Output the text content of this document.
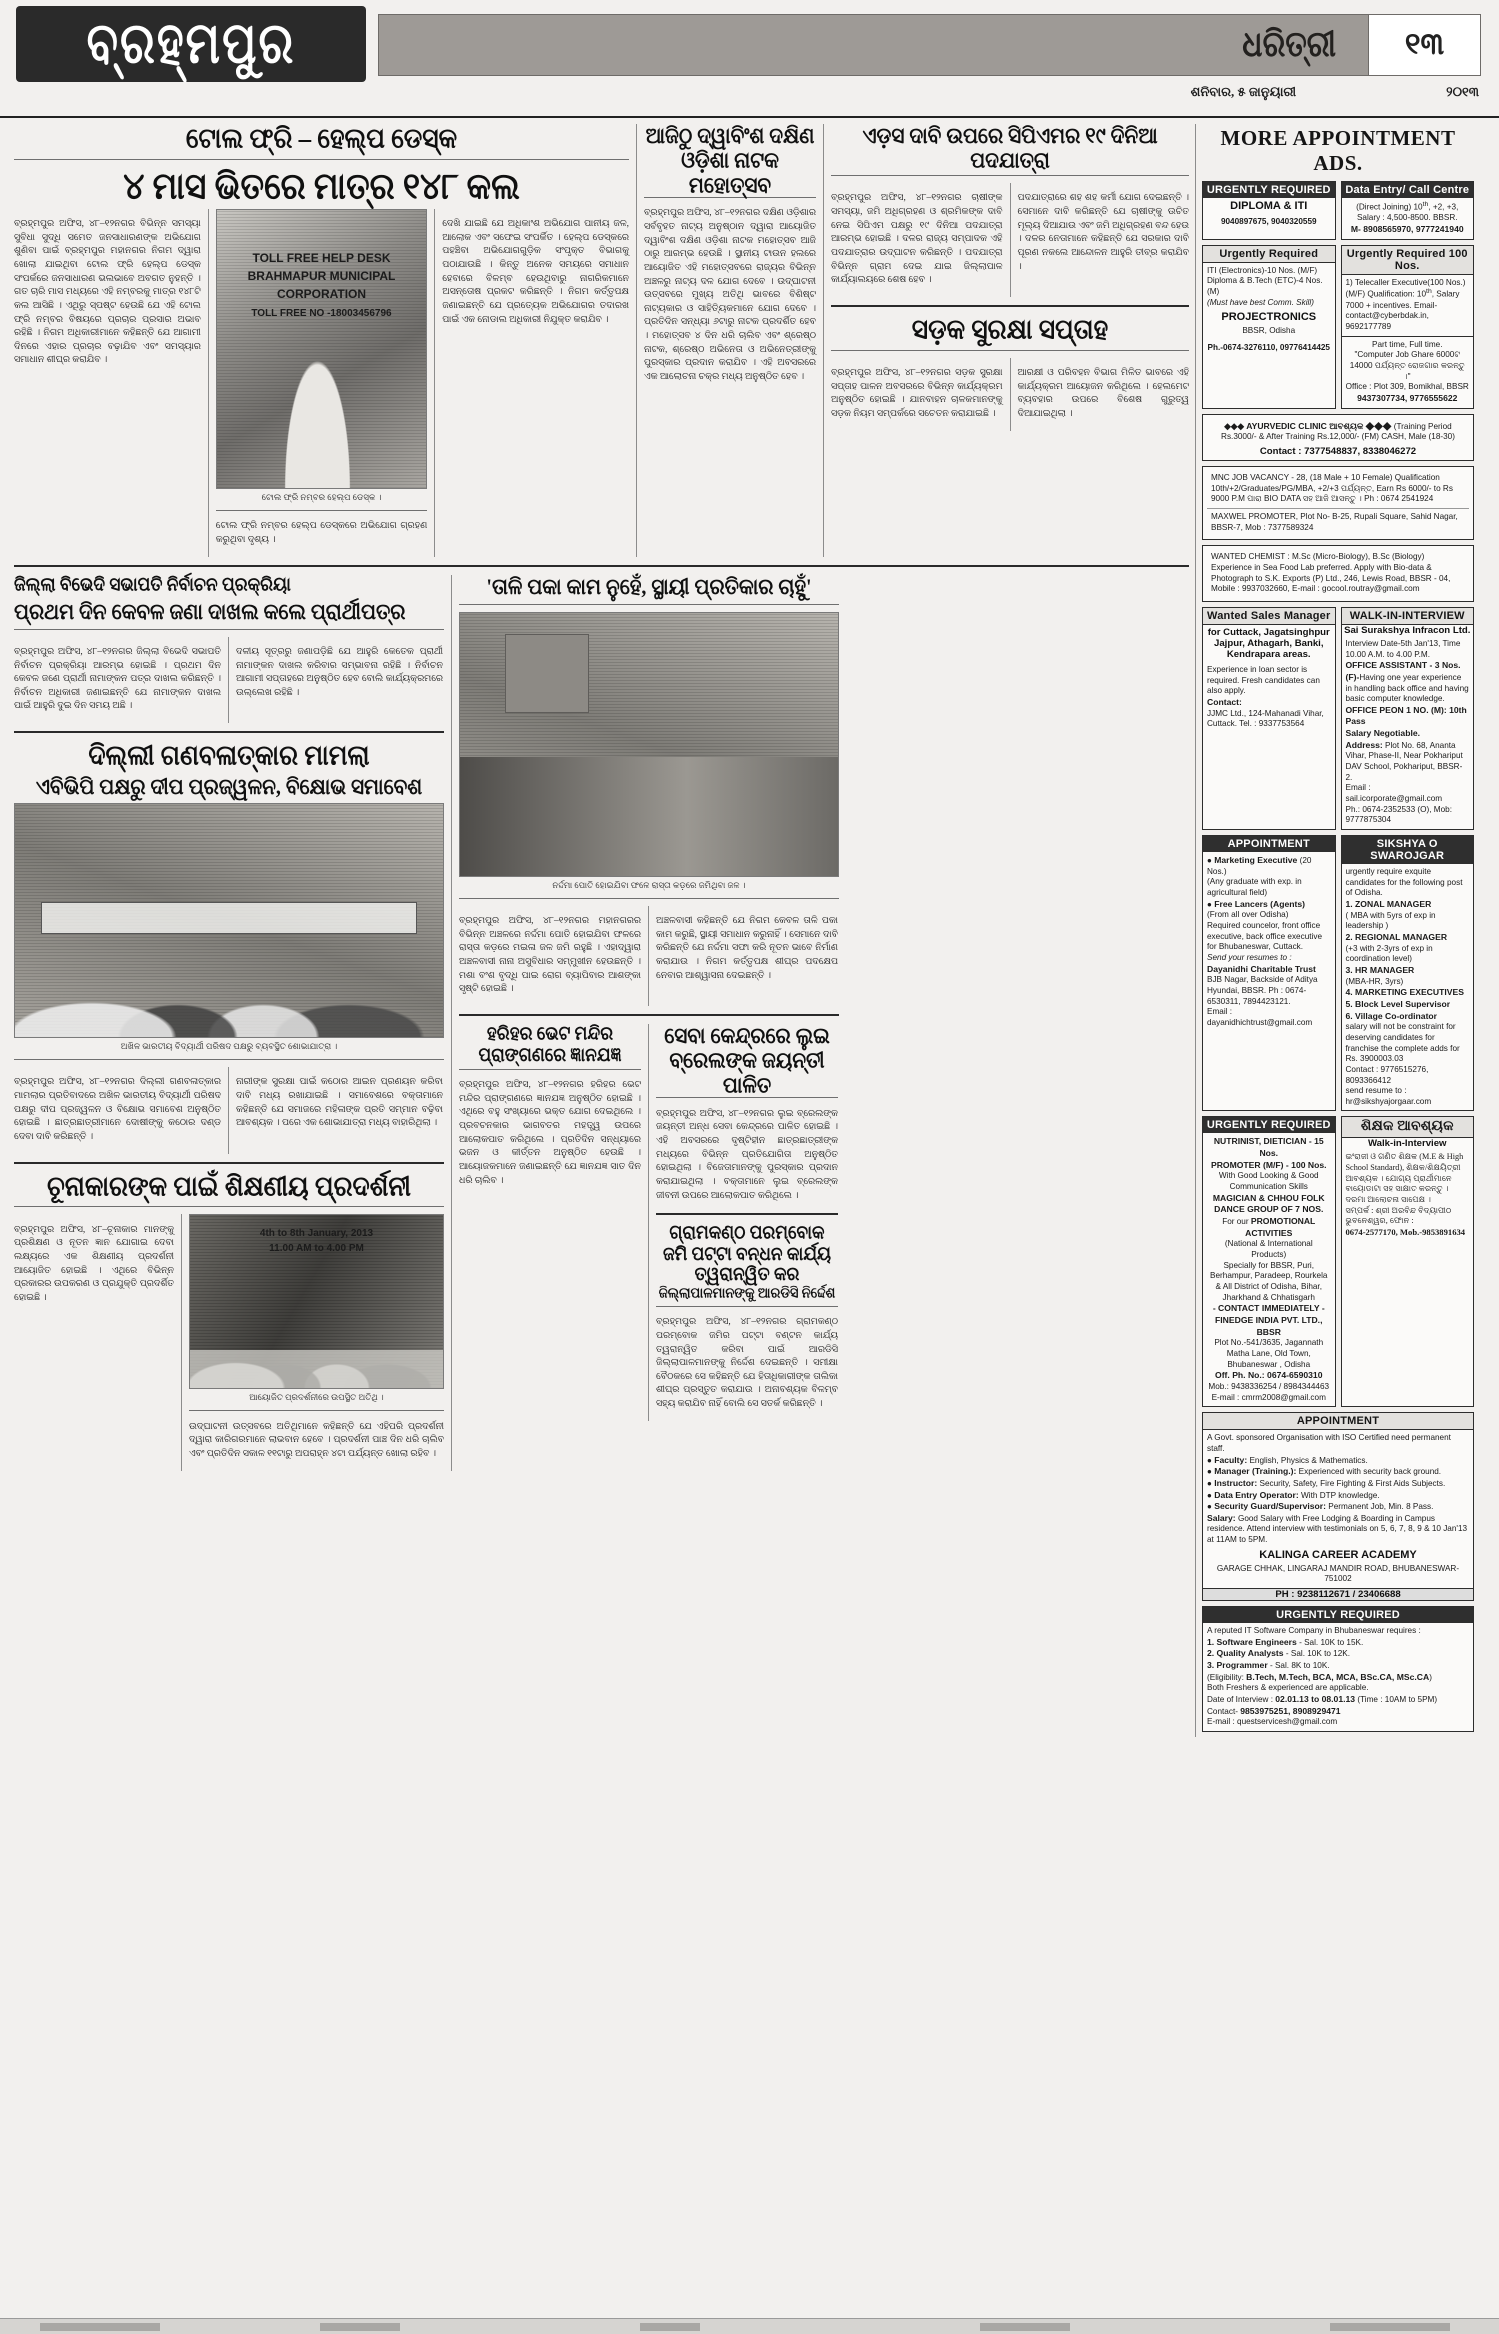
ବ୍ରହ୍ମପୁର	ଧରିତ୍ରୀ	୧୩
ଶନିବାର, ୫ ଜାନୁୟାରୀ	୨୦୧୩
ଟୋଲ ଫ୍ରି – ହେଲ୍ପ ଡେସ୍କ
୪ ମାସ ଭିତରେ ମାତ୍ର ୧୪୮ କଲ

ବ୍ରହ୍ମପୁର ଅଫିସ, ୪୮–୧୨ନଗର ବିଭିନ୍ନ ସମସ୍ୟା ସୁବିଧା ସୁଦ୍ଧି ସମେତ ଜନସାଧାରଣଙ୍କ ଅଭିଯୋଗ ଶୁଣିବା ପାଇଁ ବ୍ରହ୍ମପୁର ମହାନଗର ନିଗମ ଦ୍ୱାରା ଖୋଲା ଯାଇଥିବା ଟୋଲ ଫ୍ରି ହେଲ୍ପ ଡେସ୍କ ସଂପର୍କରେ ଜନସାଧାରଣ ଭଲଭାବେ ଅବଗତ ନୁହନ୍ତି । ଗତ ଚାରି ମାସ ମଧ୍ୟରେ ଏହି ନମ୍ବରକୁ ମାତ୍ର ୧୪୮ଟି କଲ ଆସିଛି । ଏଥିରୁ ସ୍ପଷ୍ଟ ହେଉଛି ଯେ ଏହି ଟୋଲ ଫ୍ରି ନମ୍ବର ବିଷୟରେ ପ୍ରଚାର ପ୍ରସାର ଅଭାବ ରହିଛି । ନିଗମ ଅଧିକାରୀମାନେ କହିଛନ୍ତି ଯେ ଆଗାମୀ ଦିନରେ ଏହାର ପ୍ରଚାର ବଢ଼ାଯିବ ଏବଂ ସମସ୍ୟାର ସମାଧାନ ଶୀଘ୍ର କରାଯିବ ।

TOLL FREE HELP DESK
BRAHMAPUR MUNICIPAL CORPORATION
TOLL FREE NO -18003456796
ଟୋଲ ଫ୍ରି ନମ୍ବର ହେଲ୍ପ ଡେସ୍କ ।

ଟୋଲ ଫ୍ରି ନମ୍ବର ହେଲ୍ପ ଡେସ୍କରେ ଅଭିଯୋଗ ଗ୍ରହଣ କରୁଥିବା ଦୃଶ୍ୟ ।

ଦେଖି ଯାଇଛି ଯେ ଅଧିକାଂଶ ଅଭିଯୋଗ ପାନୀୟ ଜଳ, ଆଲୋକ ଏବଂ ସଫେଇ ସଂପର୍କିତ । ହେଲ୍ପ ଡେସ୍କରେ ପହଞ୍ଚିବା ଅଭିଯୋଗଗୁଡ଼ିକ ସଂପୃକ୍ତ ବିଭାଗକୁ ପଠାଯାଉଛି । କିନ୍ତୁ ଅନେକ ସମୟରେ ସମାଧାନ ହେବାରେ ବିଳମ୍ବ ହେଉଥିବାରୁ ନାଗରିକମାନେ ଅସନ୍ତୋଷ ପ୍ରକଟ କରିଛନ୍ତି । ନିଗମ କର୍ତ୍ତୃପକ୍ଷ ଜଣାଇଛନ୍ତି ଯେ ପ୍ରତ୍ୟେକ ଅଭିଯୋଗର ତଦାରଖ ପାଇଁ ଏକ ନୋଡାଲ ଅଧିକାରୀ ନିଯୁକ୍ତ କରାଯିବ ।

ଆଜିଠୁ ଦ୍ୱାବିଂଶ ଦକ୍ଷିଣ ଓଡ଼ିଶା ନାଟକ ମହୋତ୍ସବ

ବ୍ରହ୍ମପୁର ଅଫିସ, ୪୮–୧୨ନଗର ଦକ୍ଷିଣ ଓଡ଼ିଶାର ସର୍ବବୃହତ ନାଟ୍ୟ ଅନୁଷ୍ଠାନ ଦ୍ୱାରା ଆୟୋଜିତ ଦ୍ୱାବିଂଶ ଦକ୍ଷିଣ ଓଡ଼ିଶା ନାଟକ ମହୋତ୍ସବ ଆଜି ଠାରୁ ଆରମ୍ଭ ହେଉଛି । ସ୍ଥାନୀୟ ଟାଉନ ହଲରେ ଆୟୋଜିତ ଏହି ମହୋତ୍ସବରେ ରାଜ୍ୟର ବିଭିନ୍ନ ଅଞ୍ଚଳରୁ ନାଟ୍ୟ ଦଳ ଯୋଗ ଦେବେ । ଉଦ୍‌ଘାଟନୀ ଉତ୍ସବରେ ମୁଖ୍ୟ ଅତିଥି ଭାବରେ ବିଶିଷ୍ଟ ନାଟ୍ୟକାର ଓ ସାହିତ୍ୟିକମାନେ ଯୋଗ ଦେବେ । ପ୍ରତିଦିନ ସନ୍ଧ୍ୟା ୬ଟାରୁ ନାଟକ ପ୍ରଦର୍ଶିତ ହେବ । ମହୋତ୍ସବ ୪ ଦିନ ଧରି ଚାଲିବ ଏବଂ ଶ୍ରେଷ୍ଠ ନାଟକ, ଶ୍ରେଷ୍ଠ ଅଭିନେତା ଓ ଅଭିନେତ୍ରୀଙ୍କୁ ପୁରସ୍କାର ପ୍ରଦାନ କରାଯିବ । ଏହି ଅବସରରେ ଏକ ଆଲୋଚନା ଚକ୍ର ମଧ୍ୟ ଅନୁଷ୍ଠିତ ହେବ ।

ଏଡ଼ସ ଦାବି ଉପରେ ସିପିଏମର ୧୯ ଦିନିଆ ପଦଯାତ୍ରା

ବ୍ରହ୍ମପୁର ଅଫିସ, ୪୮–୧୨ନଗର ଚାଷୀଙ୍କ ସମସ୍ୟା, ଜମି ଅଧିଗ୍ରହଣ ଓ ଶ୍ରମିକଙ୍କ ଦାବି ନେଇ ସିପିଏମ ପକ୍ଷରୁ ୧୯ ଦିନିଆ ପଦଯାତ୍ରା ଆରମ୍ଭ ହୋଇଛି । ଦଳର ରାଜ୍ୟ ସମ୍ପାଦକ ଏହି ପଦଯାତ୍ରାର ଉଦ୍‌ଘାଟନ କରିଛନ୍ତି । ପଦଯାତ୍ରା ବିଭିନ୍ନ ଗ୍ରାମ ଦେଇ ଯାଇ ଜିଲ୍ଲାପାଳ କାର୍ଯ୍ୟାଲୟରେ ଶେଷ ହେବ ।

ପଦଯାତ୍ରାରେ ଶହ ଶହ କର୍ମୀ ଯୋଗ ଦେଇଛନ୍ତି । ସେମାନେ ଦାବି କରିଛନ୍ତି ଯେ ଚାଷୀଙ୍କୁ ଉଚିତ ମୂଲ୍ୟ ଦିଆଯାଉ ଏବଂ ଜମି ଅଧିଗ୍ରହଣ ବନ୍ଦ ହେଉ । ଦଳର ନେତାମାନେ କହିଛନ୍ତି ଯେ ସରକାର ଦାବି ପୂରଣ ନକଲେ ଆନ୍ଦୋଳନ ଆହୁରି ତୀବ୍ର କରାଯିବ ।

ସଡ଼କ ସୁରକ୍ଷା ସପ୍ତାହ

ବ୍ରହ୍ମପୁର ଅଫିସ, ୪୮–୧୨ନଗର ସଡ଼କ ସୁରକ୍ଷା ସପ୍ତାହ ପାଳନ ଅବସରରେ ବିଭିନ୍ନ କାର୍ଯ୍ୟକ୍ରମ ଅନୁଷ୍ଠିତ ହୋଇଛି । ଯାନବାହନ ଚାଳକମାନଙ୍କୁ ସଡ଼କ ନିୟମ ସମ୍ପର୍କରେ ସଚେତନ କରାଯାଇଛି ।

ଆରକ୍ଷୀ ଓ ପରିବହନ ବିଭାଗ ମିଳିତ ଭାବରେ ଏହି କାର୍ଯ୍ୟକ୍ରମ ଆୟୋଜନ କରିଥିଲେ । ହେଲମେଟ ବ୍ୟବହାର ଉପରେ ବିଶେଷ ଗୁରୁତ୍ୱ ଦିଆଯାଇଥିଲା ।

ଜିଲ୍ଲା ବିଭେଦି ସଭାପତି ନିର୍ବାଚନ ପ୍ରକ୍ରିୟା
ପ୍ରଥମ ଦିନ କେବଳ ଜଣା ଦାଖଲ କଲେ ପ୍ରାର୍ଥୀପତ୍ର

ବ୍ରହ୍ମପୁର ଅଫିସ, ୪୮–୧୨ନଗର ଜିଲ୍ଲା ବିଭେଦି ସଭାପତି ନିର୍ବାଚନ ପ୍ରକ୍ରିୟା ଆରମ୍ଭ ହୋଇଛି । ପ୍ରଥମ ଦିନ କେବଳ ଜଣେ ପ୍ରାର୍ଥୀ ନାମାଙ୍କନ ପତ୍ର ଦାଖଲ କରିଛନ୍ତି । ନିର୍ବାଚନ ଅଧିକାରୀ ଜଣାଇଛନ୍ତି ଯେ ନାମାଙ୍କନ ଦାଖଲ ପାଇଁ ଆହୁରି ଦୁଇ ଦିନ ସମୟ ଅଛି ।

ଦଳୀୟ ସୂତ୍ରରୁ ଜଣାପଡ଼ିଛି ଯେ ଆହୁରି କେତେକ ପ୍ରାର୍ଥୀ ନାମାଙ୍କନ ଦାଖଲ କରିବାର ସମ୍ଭାବନା ରହିଛି । ନିର୍ବାଚନ ଆଗାମୀ ସପ୍ତାହରେ ଅନୁଷ୍ଠିତ ହେବ ବୋଲି କାର୍ଯ୍ୟକ୍ରମରେ ଉଲ୍ଲେଖ ରହିଛି ।

ଦିଲ୍ଲୀ ଗଣବଳାତ୍କାର ମାମଲା
ଏବିଭିପି ପକ୍ଷରୁ ଦୀପ ପ୍ରଜ୍ୱଳନ, ବିକ୍ଷୋଭ ସମାବେଶ
ଅଖିଳ ଭାରତୀୟ ବିଦ୍ୟାର୍ଥୀ ପରିଷଦ ପକ୍ଷରୁ ବ୍ୟବସ୍ଥିତ ଶୋଭାଯାତ୍ରା ।

ବ୍ରହ୍ମପୁର ଅଫିସ, ୪୮–୧୨ନଗର ଦିଲ୍ଲୀ ଗଣବଳାତ୍କାର ମାମଲାର ପ୍ରତିବାଦରେ ଅଖିଳ ଭାରତୀୟ ବିଦ୍ୟାର୍ଥୀ ପରିଷଦ ପକ୍ଷରୁ ଦୀପ ପ୍ରଜ୍ୱଳନ ଓ ବିକ୍ଷୋଭ ସମାବେଶ ଅନୁଷ୍ଠିତ ହୋଇଛି । ଛାତ୍ରଛାତ୍ରୀମାନେ ଦୋଷୀଙ୍କୁ କଠୋର ଦଣ୍ଡ ଦେବା ଦାବି କରିଛନ୍ତି ।

ନାରୀଙ୍କ ସୁରକ୍ଷା ପାଇଁ କଠୋର ଆଇନ ପ୍ରଣୟନ କରିବା ଦାବି ମଧ୍ୟ ରଖାଯାଇଛି । ସମାବେଶରେ ବକ୍ତାମାନେ କହିଛନ୍ତି ଯେ ସମାଜରେ ମହିଳାଙ୍କ ପ୍ରତି ସମ୍ମାନ ବଢ଼ିବା ଆବଶ୍ୟକ । ପରେ ଏକ ଶୋଭାଯାତ୍ରା ମଧ୍ୟ ବାହାରିଥିଲା ।

ଚୂନାକାରଙ୍କ ପାଇଁ ଶିକ୍ଷଣୀୟ ପ୍ରଦର୍ଶନୀ

ବ୍ରହ୍ମପୁର ଅଫିସ, ୪୮–ଚୂନାକାର ମାନଙ୍କୁ ପ୍ରଶିକ୍ଷଣ ଓ ନୂତନ ଜ୍ଞାନ ଯୋଗାଇ ଦେବା ଲକ୍ଷ୍ୟରେ ଏକ ଶିକ୍ଷଣୀୟ ପ୍ରଦର୍ଶନୀ ଆୟୋଜିତ ହୋଇଛି । ଏଥିରେ ବିଭିନ୍ନ ପ୍ରକାରର ଉପକରଣ ଓ ପ୍ରଯୁକ୍ତି ପ୍ରଦର୍ଶିତ ହୋଇଛି ।

4th to 8th January, 2013
11.00 AM to 4.00 PM
ଆୟୋଜିତ ପ୍ରଦର୍ଶନୀରେ ଉପସ୍ଥିତ ଅତିଥି ।

ଉଦ୍‌ଘାଟନୀ ଉତ୍ସବରେ ଅତିଥିମାନେ କହିଛନ୍ତି ଯେ ଏହିପରି ପ୍ରଦର୍ଶନୀ ଦ୍ୱାରା କାରିଗରମାନେ ଲାଭବାନ ହେବେ । ପ୍ରଦର୍ଶନୀ ପାଞ୍ଚ ଦିନ ଧରି ଚାଲିବ ଏବଂ ପ୍ରତିଦିନ ସକାଳ ୧୧ଟାରୁ ଅପରାହ୍ନ ୪ଟା ପର୍ଯ୍ୟନ୍ତ ଖୋଲା ରହିବ ।

'ତାଳି ପକା କାମ ନୁହେଁ, ସ୍ଥାୟୀ ପ୍ରତିକାର ଚାହୁଁ'
ନର୍ଦ୍ଦମା ପୋତି ହୋଇଯିବା ଫଳେ ରାସ୍ତା କଡ଼ରେ ଜମିଥିବା ଜଳ ।

ବ୍ରହ୍ମପୁର ଅଫିସ, ୪୮–୧୨ନଗର ମହାନଗରର ବିଭିନ୍ନ ଅଞ୍ଚଳରେ ନର୍ଦ୍ଦମା ପୋତି ହୋଇଯିବା ଫଳରେ ରାସ୍ତା କଡ଼ରେ ମଇଳା ଜଳ ଜମି ରହୁଛି । ଏହାଦ୍ୱାରା ଅଞ୍ଚଳବାସୀ ନାନା ଅସୁବିଧାର ସମ୍ମୁଖୀନ ହେଉଛନ୍ତି । ମଶା ବଂଶ ବୃଦ୍ଧି ପାଇ ରୋଗ ବ୍ୟାପିବାର ଆଶଙ୍କା ସୃଷ୍ଟି ହୋଇଛି ।

ଅଞ୍ଚଳବାସୀ କହିଛନ୍ତି ଯେ ନିଗମ କେବଳ ତାଳି ପକା କାମ କରୁଛି, ସ୍ଥାୟୀ ସମାଧାନ କରୁନାହିଁ । ସେମାନେ ଦାବି କରିଛନ୍ତି ଯେ ନର୍ଦ୍ଦମା ସଫା କରି ନୂତନ ଭାବେ ନିର୍ମାଣ କରାଯାଉ । ନିଗମ କର୍ତ୍ତୃପକ୍ଷ ଶୀଘ୍ର ପଦକ୍ଷେପ ନେବାର ଆଶ୍ୱାସନା ଦେଇଛନ୍ତି ।

ହରିହର ଭେଟ ମନ୍ଦିର ପ୍ରାଙ୍ଗଣରେ ଜ୍ଞାନଯଜ୍ଞ

ବ୍ରହ୍ମପୁର ଅଫିସ, ୪୮–୧୨ନଗର ହରିହର ଭେଟ ମନ୍ଦିର ପ୍ରାଙ୍ଗଣରେ ଜ୍ଞାନଯଜ୍ଞ ଅନୁଷ୍ଠିତ ହୋଇଛି । ଏଥିରେ ବହୁ ସଂଖ୍ୟାରେ ଭକ୍ତ ଯୋଗ ଦେଇଥିଲେ । ପ୍ରବଚନକାର ଭାଗବତର ମହତ୍ତ୍ୱ ଉପରେ ଆଲୋକପାତ କରିଥିଲେ । ପ୍ରତିଦିନ ସନ୍ଧ୍ୟାରେ ଭଜନ ଓ କୀର୍ତ୍ତନ ଅନୁଷ୍ଠିତ ହେଉଛି । ଆୟୋଜକମାନେ ଜଣାଇଛନ୍ତି ଯେ ଜ୍ଞାନଯଜ୍ଞ ସାତ ଦିନ ଧରି ଚାଲିବ ।

ସେବା କେନ୍ଦ୍ରରେ ଲୁଇ ବ୍ରେଲଙ୍କ ଜୟନ୍ତୀ ପାଳିତ

ବ୍ରହ୍ମପୁର ଅଫିସ, ୪୮–୧୨ନଗର ଲୁଇ ବ୍ରେଲଙ୍କ ଜୟନ୍ତୀ ଅନ୍ଧ ସେବା କେନ୍ଦ୍ରରେ ପାଳିତ ହୋଇଛି । ଏହି ଅବସରରେ ଦୃଷ୍ଟିହୀନ ଛାତ୍ରଛାତ୍ରୀଙ୍କ ମଧ୍ୟରେ ବିଭିନ୍ନ ପ୍ରତିଯୋଗିତା ଅନୁଷ୍ଠିତ ହୋଇଥିଲା । ବିଜେତାମାନଙ୍କୁ ପୁରସ୍କାର ପ୍ରଦାନ କରାଯାଇଥିଲା । ବକ୍ତାମାନେ ଲୁଇ ବ୍ରେଲଙ୍କ ଜୀବନୀ ଉପରେ ଆଲୋକପାତ କରିଥିଲେ ।

ଗ୍ରାମକଣ୍ଠ ପରମ୍ବୋକ ଜମି ପଟ୍ଟା ବନ୍ଧନ କାର୍ଯ୍ୟ ତ୍ୱରାନ୍ୱିତ କର
ଜିଲ୍ଲାପାଳମାନଙ୍କୁ ଆରଡିସି ନିର୍ଦ୍ଦେଶ

ବ୍ରହ୍ମପୁର ଅଫିସ, ୪୮–୧୨ନଗର ଗ୍ରାମକଣ୍ଠ ପରମ୍ବୋକ ଜମିର ପଟ୍ଟା ବଣ୍ଟନ କାର୍ଯ୍ୟ ତ୍ୱରାନ୍ୱିତ କରିବା ପାଇଁ ଆରଡିସି ଜିଲ୍ଲାପାଳମାନଙ୍କୁ ନିର୍ଦ୍ଦେଶ ଦେଇଛନ୍ତି । ସମୀକ୍ଷା ବୈଠକରେ ସେ କହିଛନ୍ତି ଯେ ହିତାଧିକାରୀଙ୍କ ତାଲିକା ଶୀଘ୍ର ପ୍ରସ୍ତୁତ କରାଯାଉ । ଅନାବଶ୍ୟକ ବିଳମ୍ବ ସହ୍ୟ କରାଯିବ ନାହିଁ ବୋଲି ସେ ସତର୍କ କରିଛନ୍ତି ।

MORE APPOINTMENT ADS.
URGENTLY REQUIRED
DIPLOMA & ITI
9040897675, 9040320559
Data Entry/ Call Centre
(Direct Joining) 10th, +2, +3, Salary : 4,500-8500. BBSR.
M- 8908565970, 9777241940
Urgently Required
ITI (Electronics)-10 Nos. (M/F)
Diploma & B.Tech (ETC)-4 Nos. (M)
(Must have best Comm. Skill)
PROJECTRONICS
BBSR, Odisha
Ph.-0674-3276110, 09776414425
Urgently Required 100 Nos.
1) Telecaller Executive(100 Nos.) (M/F) Qualification: 10th, Salary 7000 + incentives. Email- contact@cyberbdak.in, 9692177789
Part time, Full time.
"Computer Job Ghare 6000ଟ 14000 ପର୍ଯ୍ୟନ୍ତ ରୋଜଗାର କରନ୍ତୁ ।"
Office : Plot 309, Bomikhal, BBSR
9437307734, 9776555622
◆◆◆ AYURVEDIC CLINIC ଆବଶ୍ୟକ ◆◆◆ (Training Period Rs.3000/- & After Training Rs.12,000/- (FM) CASH, Male (18-30)
Contact : 7377548837, 8338046272
MNC JOB VACANCY - 28, (18 Male + 10 Female) Qualification 10th/+2/Graduates/PG/MBA, +2/+3 ପର୍ଯ୍ୟନ୍ତ, Earn Rs 6000/- to Rs 9000 P.M ପାରା BIO DATA ସହ ଆଜି ଆସନ୍ତୁ । Ph : 0674 2541924
MAXWEL PROMOTER, Plot No- B-25, Rupali Square, Sahid Nagar, BBSR-7, Mob : 7377589324
WANTED CHEMIST : M.Sc (Micro-Biology), B.Sc (Biology) Experience in Sea Food Lab preferred. Apply with Bio-data & Photograph to S.K. Exports (P) Ltd., 246, Lewis Road, BBSR - 04, Mobile : 9937032660, E-mail : gocool.routray@gmail.com
Wanted Sales Manager
for Cuttack, Jagatsinghpur Jajpur, Athagarh, Banki, Kendrapara areas.
Experience in loan sector is required. Fresh candidates can also apply.
Contact:
JJMC Ltd., 124-Mahanadi Vihar, Cuttack. Tel. : 9337753564
WALK-IN-INTERVIEW
Sai Surakshya Infracon Ltd.
Interview Date-5th Jan'13, Time 10.00 A.M. to 4.00 P.M.
OFFICE ASSISTANT - 3 Nos. (F)-Having one year experience in handling back office and having basic computer knowledge.
OFFICE PEON 1 NO. (M): 10th Pass
Salary Negotiable.
Address: Plot No. 68, Ananta Vihar, Phase-II, Near Pokhariput DAV School, Pokhariput, BBSR-2.
Email : sail.icorporate@gmail.com
Ph.: 0674-2352533 (O), Mob: 9777875304
APPOINTMENT
● Marketing Executive (20 Nos.)
(Any graduate with exp. in agricultural field)
● Free Lancers (Agents)
(From all over Odisha)
Required councelor, front office executive, back office executive for Bhubaneswar, Cuttack.
Send your resumes to :
Dayanidhi Charitable Trust
BJB Nagar, Backside of Aditya Hyundai, BBSR. Ph : 0674-6530311, 7894423121.
Email : dayanidhichtrust@gmail.com
SIKSHYA O SWAROJGAR
urgently require exquite candidates for the following post of Odisha.
1. ZONAL MANAGER
( MBA with 5yrs of exp in leadership )
2. REGIONAL MANAGER
(+3 with 2-3yrs of exp in coordination level)
3. HR MANAGER
(MBA-HR, 3yrs)
4. MARKETING EXECUTIVES
5. Block Level Supervisor
6. Village Co-ordinator
salary will not be constraint for deserving candidates for franchise the complete adds for Rs. 3900003.03
Contact : 9776515276, 8093366412
send resume to : hr@sikshyajorgaar.com
URGENTLY REQUIRED
NUTRINIST, DIETICIAN - 15 Nos.
PROMOTER (M/F) - 100 Nos.
With Good Looking & Good Communication Skills
MAGICIAN & CHHOU FOLK DANCE GROUP OF 7 NOS.
For our PROMOTIONAL ACTIVITIES
(National & International Products)
Specially for BBSR, Puri, Berhampur, Paradeep, Rourkela & All District of Odisha, Bihar, Jharkhand & Chhatisgarh
- CONTACT IMMEDIATELY -
FINEDGE INDIA PVT. LTD., BBSR
Plot No.-541/3635, Jagannath Matha Lane, Old Town, Bhubaneswar , Odisha
Off. Ph. No.: 0674-6590310
Mob.: 9438336254 / 8984344463
E-mail : cmrm2008@gmail.com
ଶିକ୍ଷକ ଆବଶ୍ୟକ
Walk-in-Interview
ଇଂରାଜୀ ଓ ଗଣିତ ଶିକ୍ଷକ (M.E & High School Standard), ଶିକ୍ଷକ/ଶିକ୍ଷୟିତ୍ରୀ ଆବଶ୍ୟକ । ଯୋଗ୍ୟ ପ୍ରାର୍ଥୀମାନେ ବାୟୋଡାଟା ସହ ସାକ୍ଷାତ କରନ୍ତୁ । ଦରମା ଆଲୋଚନା ସାପେକ୍ଷ ।
ସମ୍ପର୍କ : ଶ୍ରୀ ଅରବିନ୍ଦ ବିଦ୍ୟାପୀଠ ଭୁବନେଶ୍ୱର, ଫୋନ :
0674-2577170, Mob.-9853891634
APPOINTMENT
A Govt. sponsored Organisation with ISO Certified need permanent staff.
● Faculty: English, Physics & Mathematics.
● Manager (Training.): Experienced with security back ground.
● Instructor: Security, Safety, Fire Fighting & First Aids Subjects.
● Data Entry Operator: With DTP knowledge.
● Security Guard/Supervisor: Permanent Job, Min. 8 Pass.
Salary: Good Salary with Free Lodging & Boarding in Campus residence. Attend interview with testimonials on 5, 6, 7, 8, 9 & 10 Jan'13 at 11AM to 5PM.
KALINGA CAREER ACADEMY
GARAGE CHHAK, LINGARAJ MANDIR ROAD, BHUBANESWAR-751002
PH : 9238112671 / 23406688
URGENTLY REQUIRED
A reputed IT Software Company in Bhubaneswar requires :
1. Software Engineers - Sal. 10K to 15K.
2. Quality Analysts - Sal. 10K to 12K.
3. Programmer - Sal. 8K to 10K.
(Eligibility: B.Tech, M.Tech, BCA, MCA, BSc.CA, MSc.CA)
Both Freshers & experienced are applicable.
Date of Interview : 02.01.13 to 08.01.13 (Time : 10AM to 5PM)
Contact- 9853975251, 8908929471
E-mail : questservicesh@gmail.com
